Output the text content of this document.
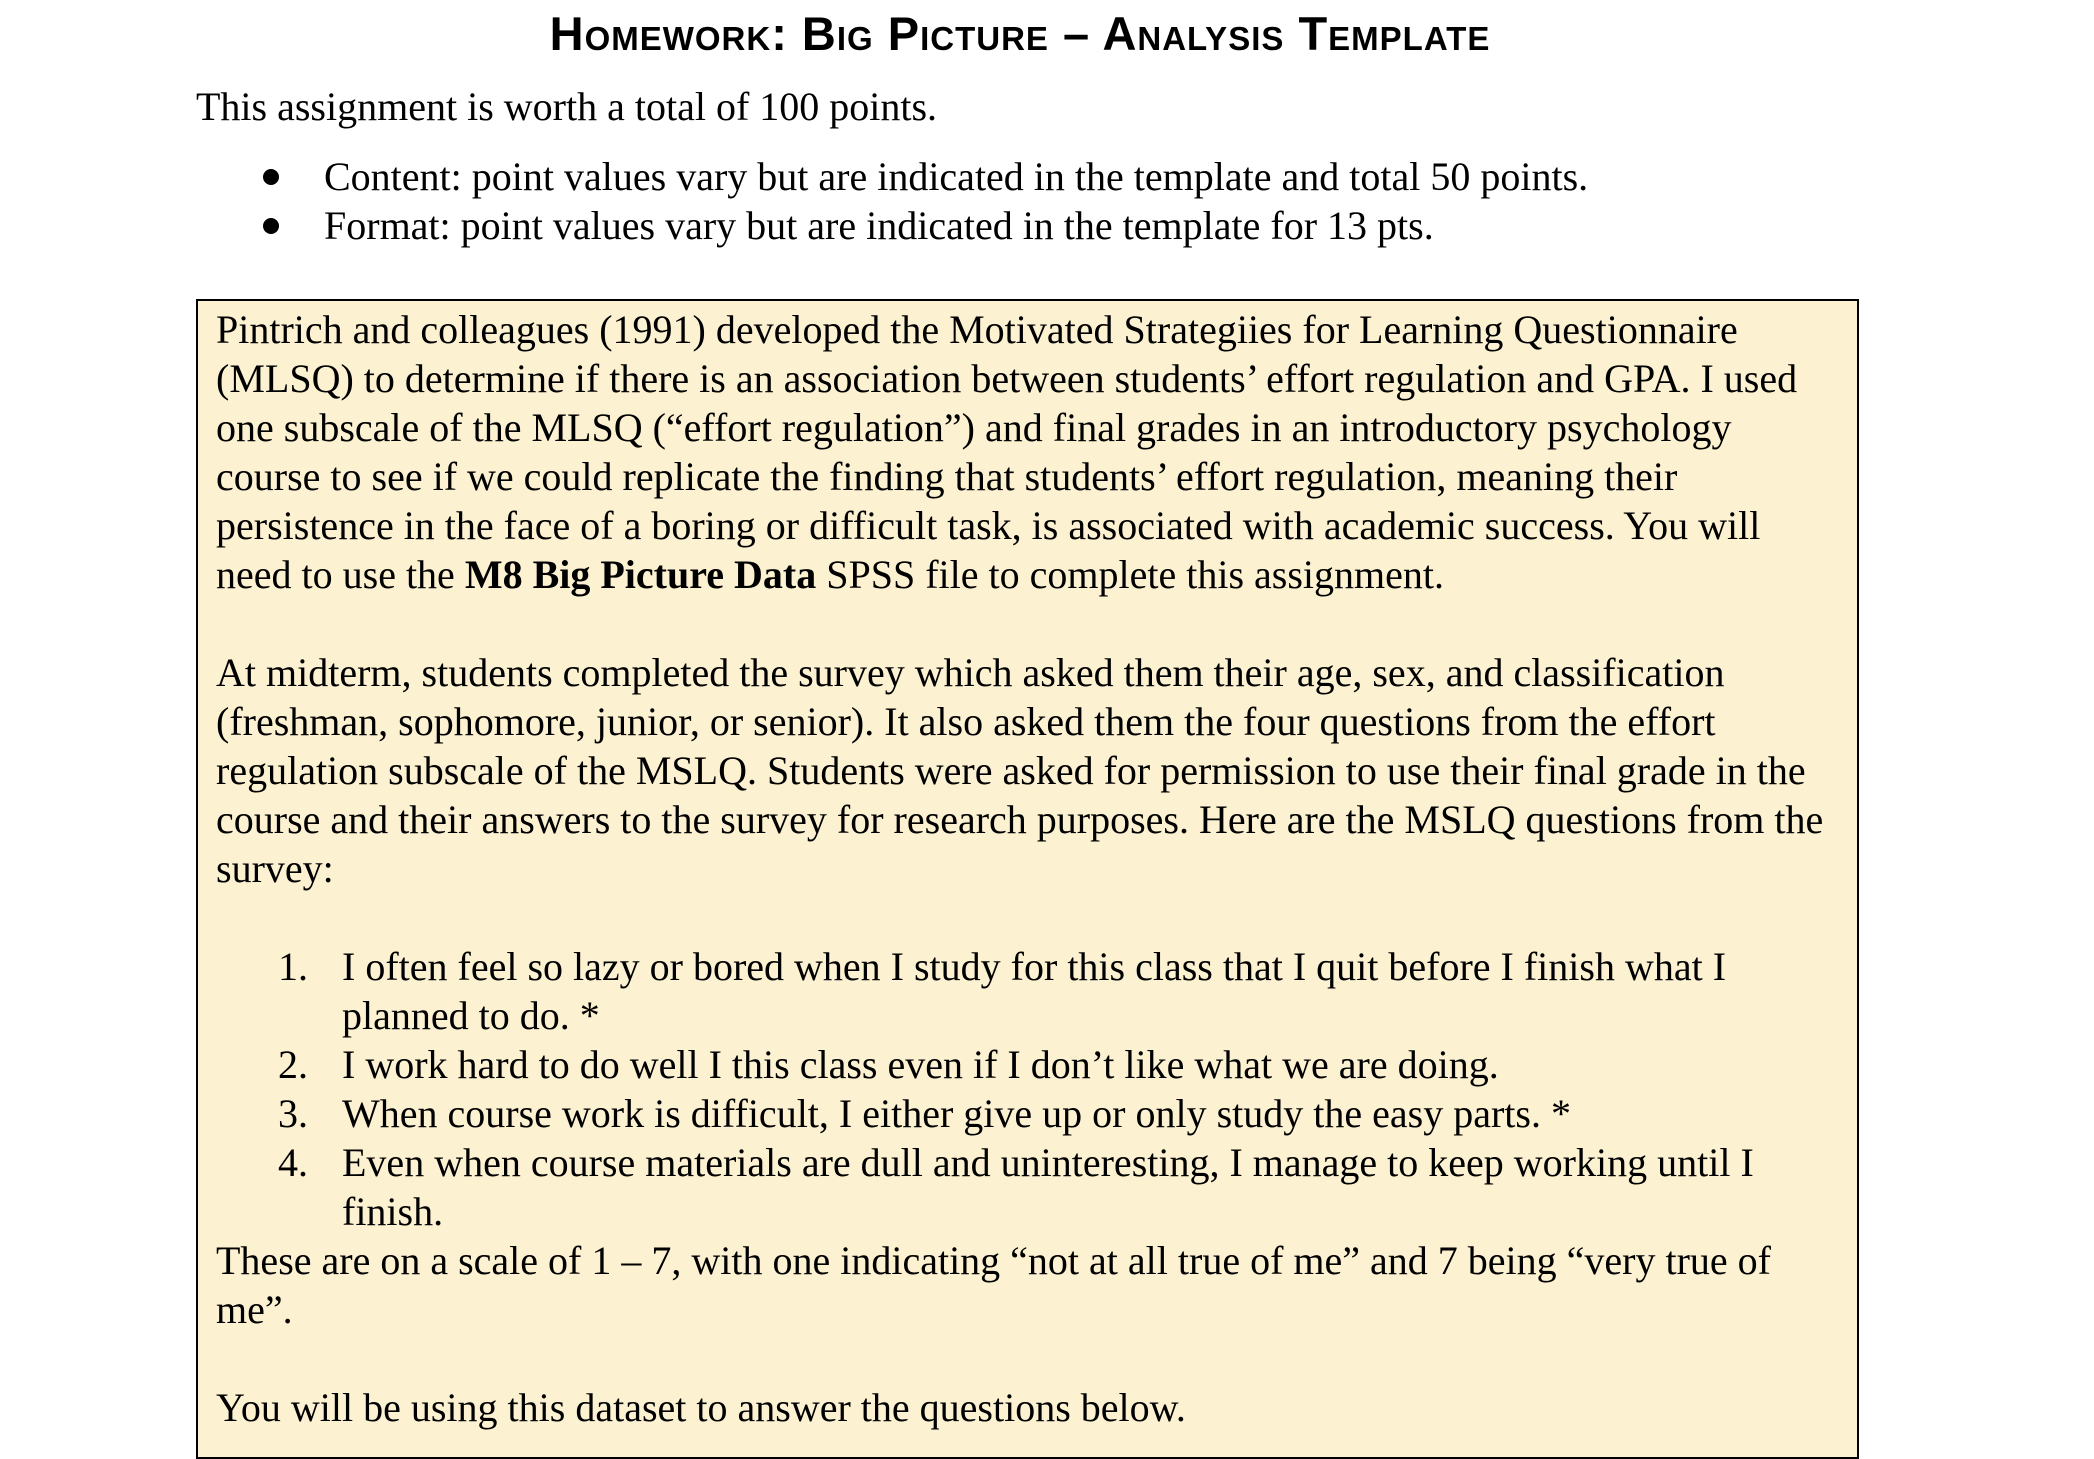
Homework: Big Picture – Analysis Template

This assignment is worth a total of 100 points.

Content: point values vary but are indicated in the template and total 50 points.
Format: point values vary but are indicated in the template for 13 pts.

Pintrich and colleagues (1991) developed the Motivated Strategiies for Learning Questionnaire (MLSQ) to determine if there is an association between students’ effort regulation and GPA. I used one subscale of the MLSQ (“effort regulation”) and final grades in an introductory psychology course to see if we could replicate the finding that students’ effort regulation, meaning their persistence in the face of a boring or difficult task, is associated with academic success. You will need to use the M8 Big Picture Data SPSS file to complete this assignment.

At midterm, students completed the survey which asked them their age, sex, and classification (freshman, sophomore, junior, or senior). It also asked them the four questions from the effort regulation subscale of the MSLQ. Students were asked for permission to use their final grade in the course and their answers to the survey for research purposes. Here are the MSLQ questions from the survey:

1. I often feel so lazy or bored when I study for this class that I quit before I finish what I planned to do. *
2. I work hard to do well I this class even if I don’t like what we are doing.
3. When course work is difficult, I either give up or only study the easy parts. *
4. Even when course materials are dull and uninteresting, I manage to keep working until I finish.

These are on a scale of 1 – 7, with one indicating “not at all true of me” and 7 being “very true of me”.

You will be using this dataset to answer the questions below.
